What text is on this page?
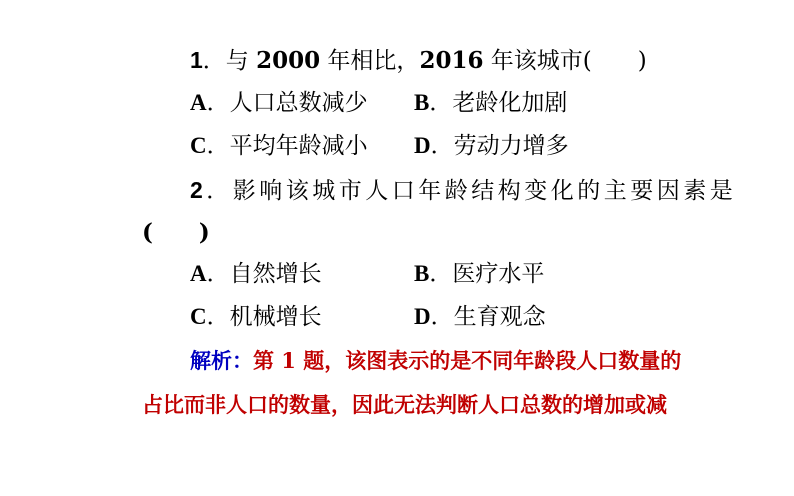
1．与 2000 年相比，2016 年该城市(　　)
A．人口总数减少 B．老龄化加剧
C．平均年龄减小 D．劳动力增多
2．影响该城市人口年龄结构变化的主要因素是
(　　)
A．自然增长	B．医疗水平
C．机械增长	D．生育观念
解析：第 1 题，该图表示的是不同年龄段人口数量的
占比而非人口的数量，因此无法判断人口总数的增加或减
